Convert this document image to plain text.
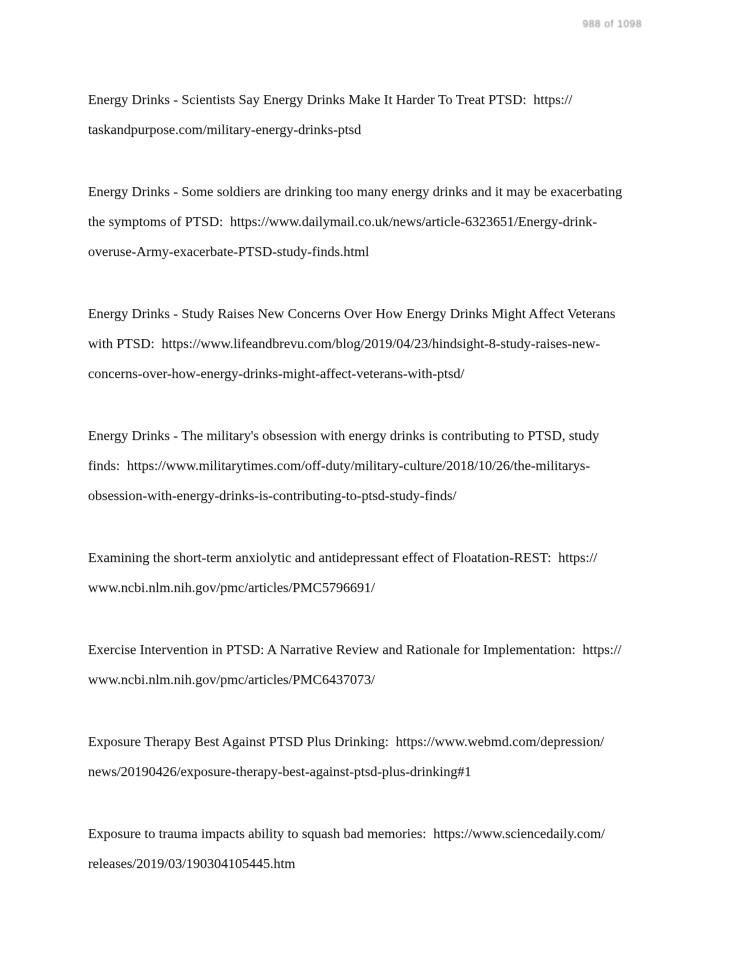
988 of 1098
Energy Drinks - Scientists Say Energy Drinks Make It Harder To Treat PTSD:  https://
taskandpurpose.com/military-energy-drinks-ptsd
Energy Drinks - Some soldiers are drinking too many energy drinks and it may be exacerbating
the symptoms of PTSD:  https://www.dailymail.co.uk/news/article-6323651/Energy-drink-
overuse-Army-exacerbate-PTSD-study-finds.html
Energy Drinks - Study Raises New Concerns Over How Energy Drinks Might Affect Veterans
with PTSD:  https://www.lifeandbrevu.com/blog/2019/04/23/hindsight-8-study-raises-new-
concerns-over-how-energy-drinks-might-affect-veterans-with-ptsd/
Energy Drinks - The military's obsession with energy drinks is contributing to PTSD, study
finds:  https://www.militarytimes.com/off-duty/military-culture/2018/10/26/the-militarys-
obsession-with-energy-drinks-is-contributing-to-ptsd-study-finds/
Examining the short-term anxiolytic and antidepressant effect of Floatation-REST:  https://
www.ncbi.nlm.nih.gov/pmc/articles/PMC5796691/
Exercise Intervention in PTSD: A Narrative Review and Rationale for Implementation:  https://
www.ncbi.nlm.nih.gov/pmc/articles/PMC6437073/
Exposure Therapy Best Against PTSD Plus Drinking:  https://www.webmd.com/depression/
news/20190426/exposure-therapy-best-against-ptsd-plus-drinking#1
Exposure to trauma impacts ability to squash bad memories:  https://www.sciencedaily.com/
releases/2019/03/190304105445.htm
